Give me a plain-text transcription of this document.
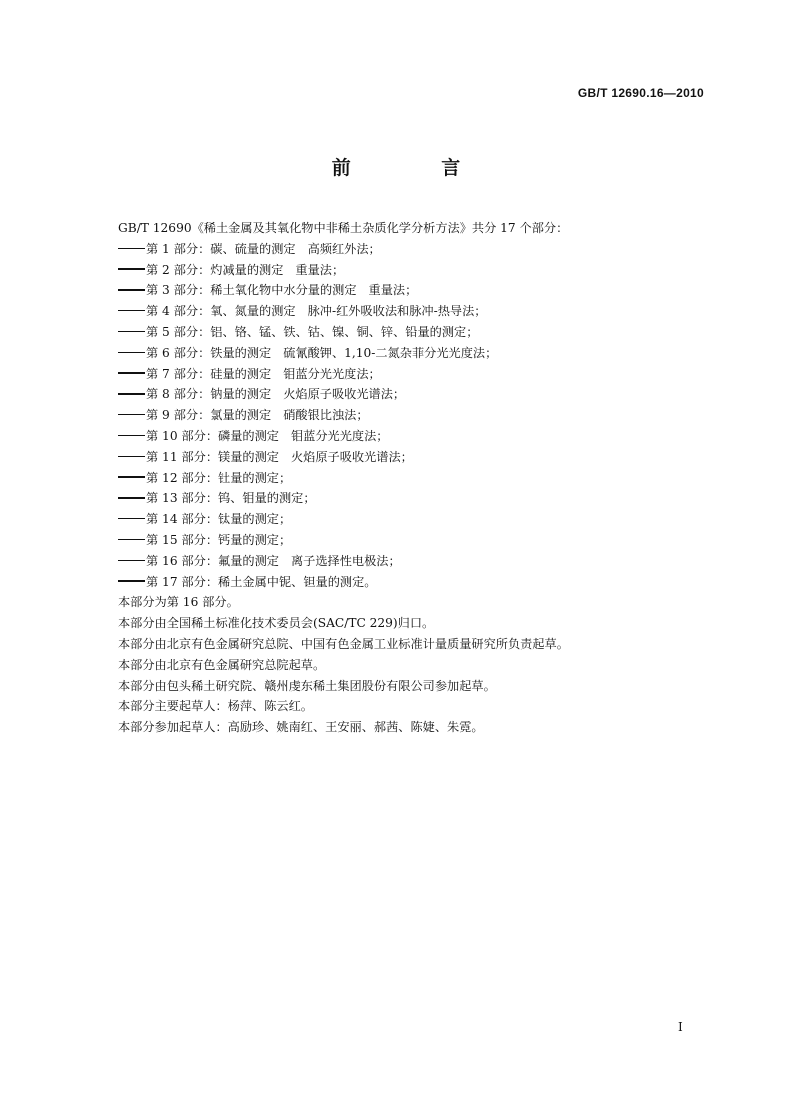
GB/T 12690.16—2010
前 言
GB/T 12690《稀土金属及其氧化物中非稀土杂质化学分析方法》共分 17 个部分：
第 1 部分：碳、硫量的测定 高频红外法；
第 2 部分：灼减量的测定 重量法；
第 3 部分：稀土氧化物中水分量的测定 重量法；
第 4 部分：氧、氮量的测定 脉冲-红外吸收法和脉冲-热导法；
第 5 部分：铝、铬、锰、铁、钴、镍、铜、锌、铅量的测定；
第 6 部分：铁量的测定 硫氰酸钾、1,10-二氮杂菲分光光度法；
第 7 部分：硅量的测定 钼蓝分光光度法；
第 8 部分：钠量的测定 火焰原子吸收光谱法；
第 9 部分：氯量的测定 硝酸银比浊法；
第 10 部分：磷量的测定 钼蓝分光光度法；
第 11 部分：镁量的测定 火焰原子吸收光谱法；
第 12 部分：钍量的测定；
第 13 部分：钨、钼量的测定；
第 14 部分：钛量的测定；
第 15 部分：钙量的测定；
第 16 部分：氟量的测定 离子选择性电极法；
第 17 部分：稀土金属中铌、钽量的测定。
本部分为第 16 部分。
本部分由全国稀土标准化技术委员会(SAC/TC 229)归口。
本部分由北京有色金属研究总院、中国有色金属工业标准计量质量研究所负责起草。
本部分由北京有色金属研究总院起草。
本部分由包头稀土研究院、赣州虔东稀土集团股份有限公司参加起草。
本部分主要起草人：杨萍、陈云红。
本部分参加起草人：高励珍、姚南红、王安丽、郝茜、陈婕、朱霓。
I
